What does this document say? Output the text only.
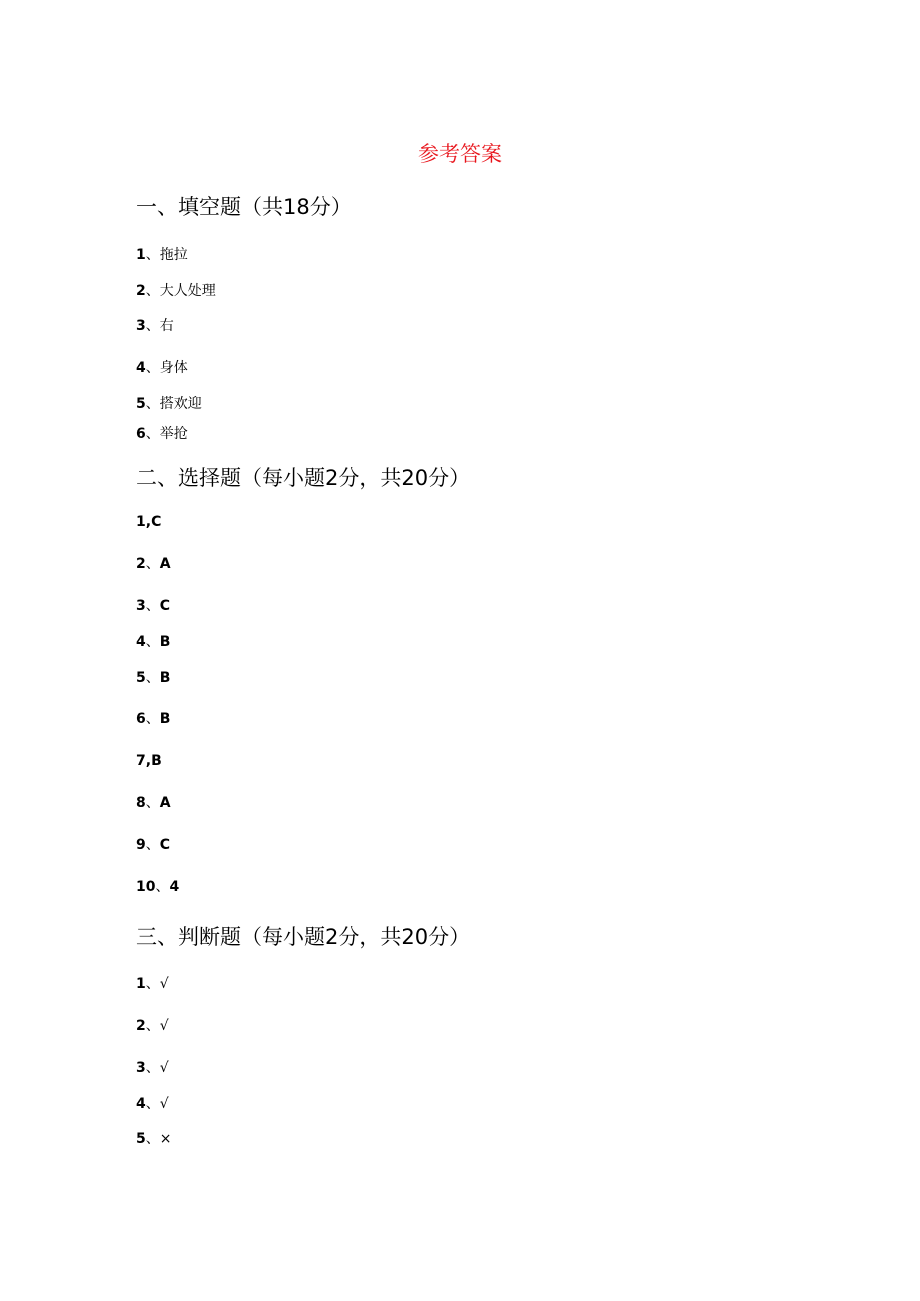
参考答案
一、填空题（共18分）
1、拖拉
2、大人处理
3、右
4、身体
5、搭欢迎
6、举抢
二、选择题（每小题2分，共20分）
1,C
2、A
3、C
4、B
5、B
6、B
7,B
8、A
9、C
10、4
三、判断题（每小题2分，共20分）
1、√
2、√
3、√
4、√
5、×
